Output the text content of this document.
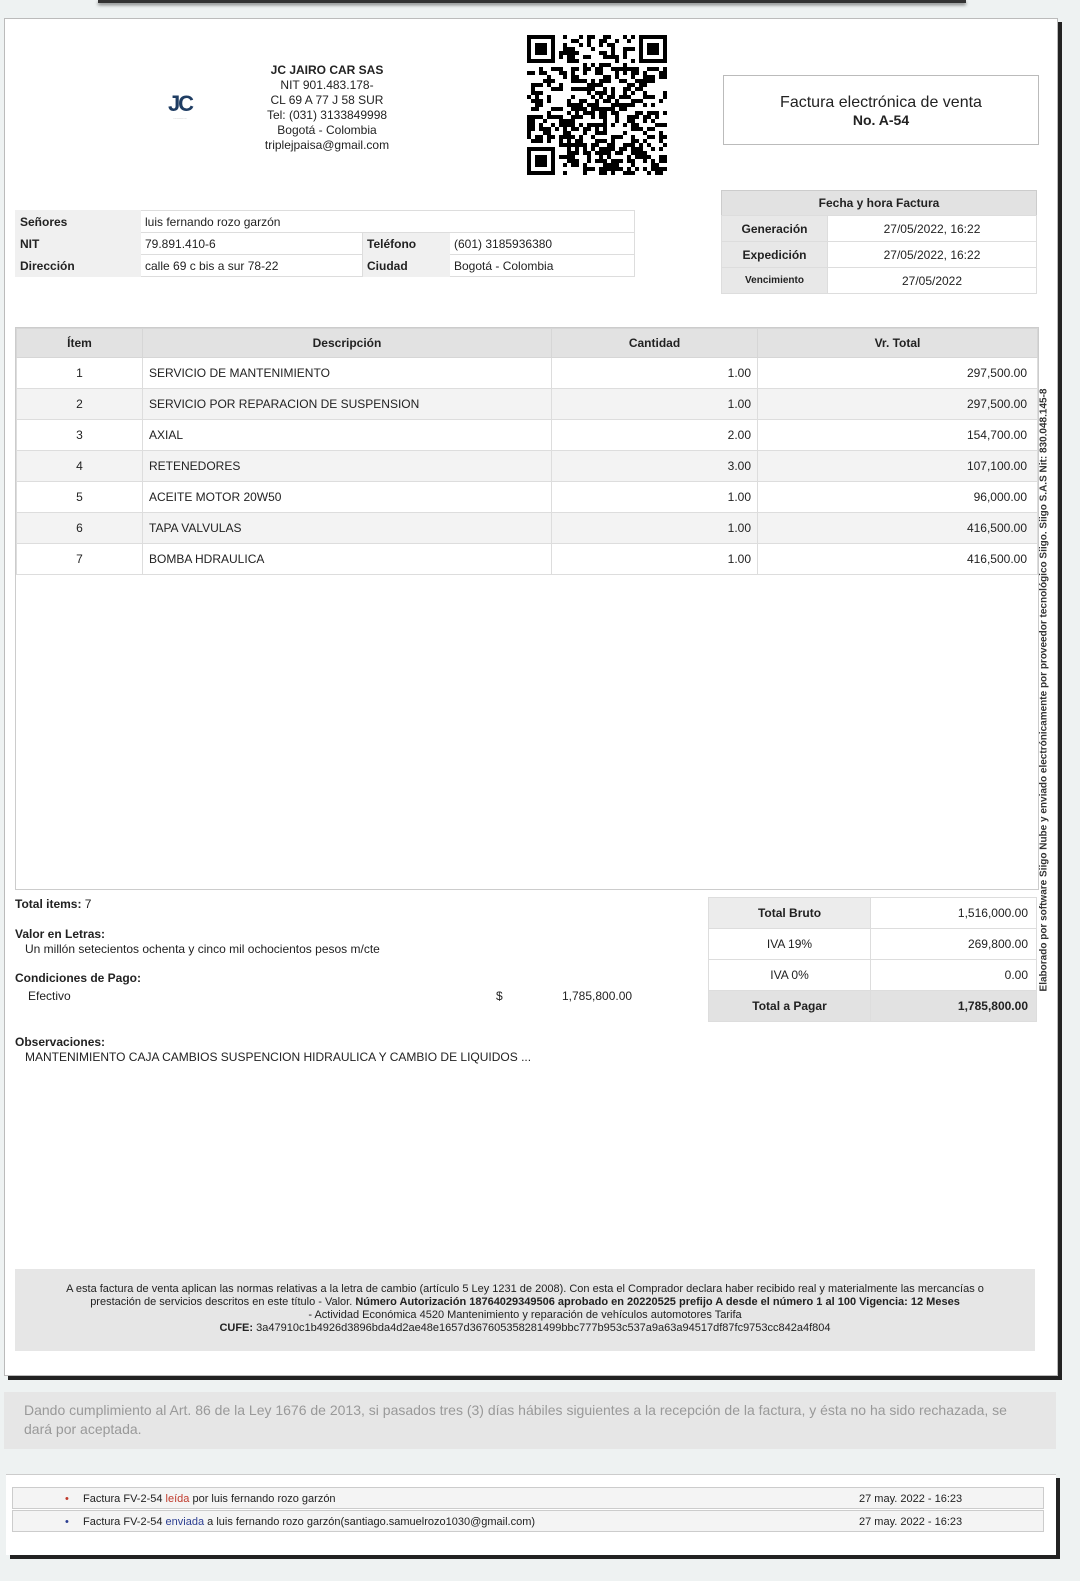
JC
............
JC JAIRO CAR SAS
NIT 901.483.178-
CL 69 A 77 J 58 SUR
Tel: (031) 3133849998
Bogotá - Colombia
triplejpaisa@gmail.com
Factura electrónica de venta
No. A-54
Señores	luis fernando rozo garzón		
NIT	79.891.410-6	Teléfono	(601) 3185936380
Dirección	calle 69 c bis a sur 78-22	Ciudad	Bogotá - Colombia
Fecha y hora Factura	
Generación	27/05/2022, 16:22
Expedición	27/05/2022, 16:22
Vencimiento	27/05/2022
Ítem	Descripción	Cantidad	Vr. Total
1	SERVICIO DE MANTENIMIENTO	1.00	297,500.00
2	SERVICIO POR REPARACION DE SUSPENSION	1.00	297,500.00
3	AXIAL	2.00	154,700.00
4	RETENEDORES	3.00	107,100.00
5	ACEITE MOTOR 20W50	1.00	96,000.00
6	TAPA VALVULAS	1.00	416,500.00
7	BOMBA HDRAULICA	1.00	416,500.00
Total items: 7
Valor en Letras:
Un millón setecientos ochenta y cinco mil ochocientos pesos m/cte
Condiciones de Pago:
Efectivo	$	1,785,800.00
Observaciones:
MANTENIMIENTO CAJA CAMBIOS SUSPENCION HIDRAULICA Y CAMBIO DE LIQUIDOS ...
Total Bruto	1,516,000.00
IVA 19%	269,800.00
IVA 0%	0.00
Total a Pagar	1,785,800.00
A esta factura de venta aplican las normas relativas a la letra de cambio (artículo 5 Ley 1231 de 2008). Con esta el Comprador declara haber recibido real y materialmente las mercancías o
prestación de servicios descritos en este título - Valor. Número Autorización 18764029349506 aprobado en 20220525 prefijo A desde el número 1 al 100 Vigencia: 12 Meses
- Actividad Económica 4520 Mantenimiento y reparación de vehículos automotores Tarifa
CUFE: 3a47910c1b4926d3896bda4d2ae48e1657d367605358281499bbc777b953c537a9a63a94517df87fc9753cc842a4f804
Elaborado por software Siigo Nube y enviado electrónicamente por proveedor tecnológico Siigo. Siigo S.A.S Nit: 830.048.145-8
Dando cumplimiento al Art. 86 de la Ley 1676 de 2013, si pasados tres (3) días hábiles siguientes a la recepción de la factura, y ésta no ha sido rechazada, se dará por aceptada.
• Factura FV-2-54 leída por luis fernando rozo garzón	27 may. 2022 - 16:23
• Factura FV-2-54 enviada a luis fernando rozo garzón(santiago.samuelrozo1030@gmail.com)	27 may. 2022 - 16:23
